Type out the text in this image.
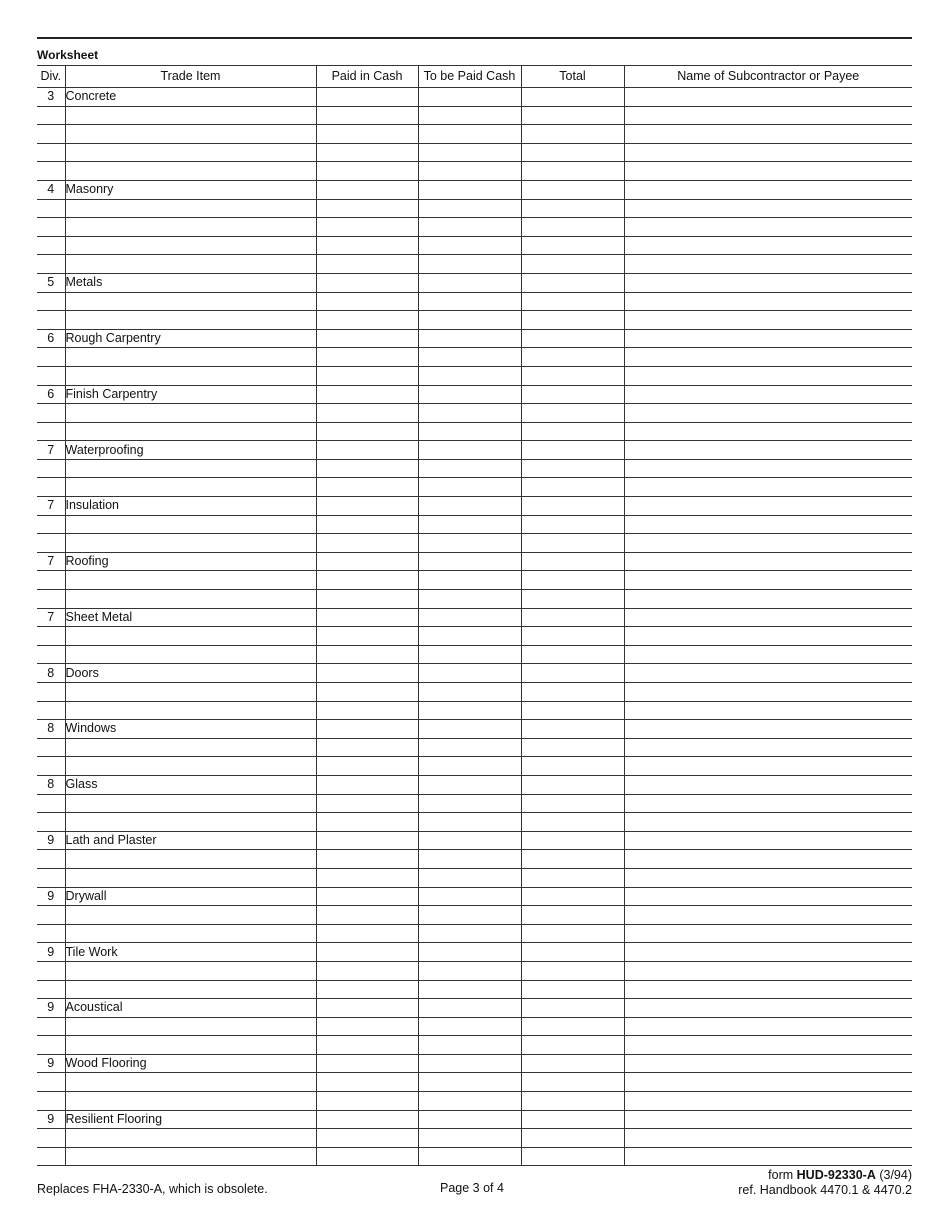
Worksheet
Div.	Trade Item	Paid in Cash	To be Paid Cash	Total	Name of Subcontractor or Payee
3	Concrete				

4	Masonry				

5	Metals				

6	Rough Carpentry				

6	Finish Carpentry				

7	Waterproofing				

7	Insulation				

7	Roofing				

7	Sheet Metal				

8	Doors				

8	Windows				

8	Glass				

9	Lath and Plaster				

9	Drywall				

9	Tile Work				

9	Acoustical				

9	Wood Flooring				

9	Resilient Flooring				

Replaces FHA-2330-A, which is obsolete.	Page 3 of 4
form HUD-92330-A (3/94)
ref. Handbook 4470.1 & 4470.2
